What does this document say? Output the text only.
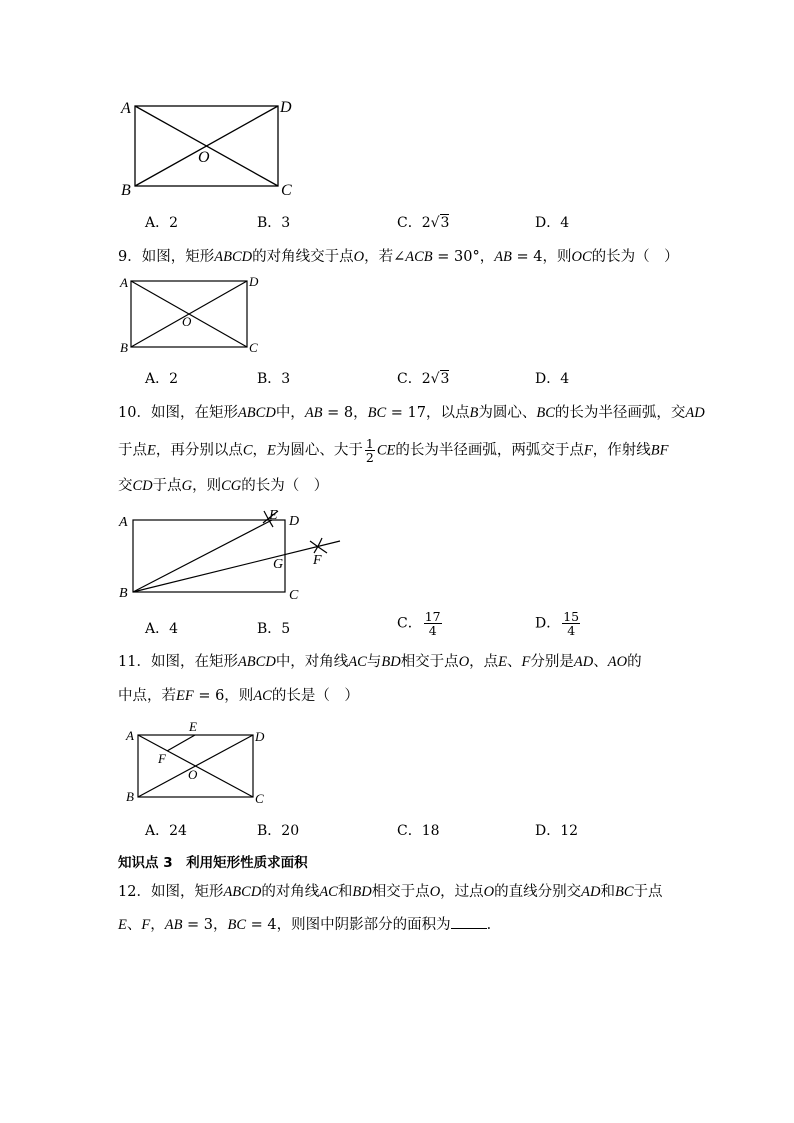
A	D
B	C
O
A．2	B．3	C．2√3	D．4
9．如图，矩形ABCD的对角线交于点O，若∠ACB = 30°，AB = 4，则OC的长为（　）
A	D
B	C
O
A．2	B．3	C．2√3	D．4
10．如图，在矩形ABCD中，AB = 8，BC = 17，以点B为圆心、BC的长为半径画弧，交AD
于点E，再分别以点C，E为圆心、大于 $\frac{1}{2}$ CE的长为半径画弧，两弧交于点F，作射线BF
交CD于点G，则CG的长为（　）
A	E D
G F
B	C
A．4	B．5	C． $\frac{17}{4}$	D． $\frac{15}{4}$
11．如图，在矩形ABCD中，对角线AC与BD相交于点O，点E、F分别是AD、AO的
中点，若EF = 6，则AC的长是（　）
A
E
D
F
O
B	C
A．24	B．20	C．18	D．12
知识点 3　利用矩形性质求面积
12．如图，矩形ABCD的对角线AC和BD相交于点O，过点O的直线分别交AD和BC于点
E、F，AB = 3，BC = 4，则图中阴影部分的面积为 ．
